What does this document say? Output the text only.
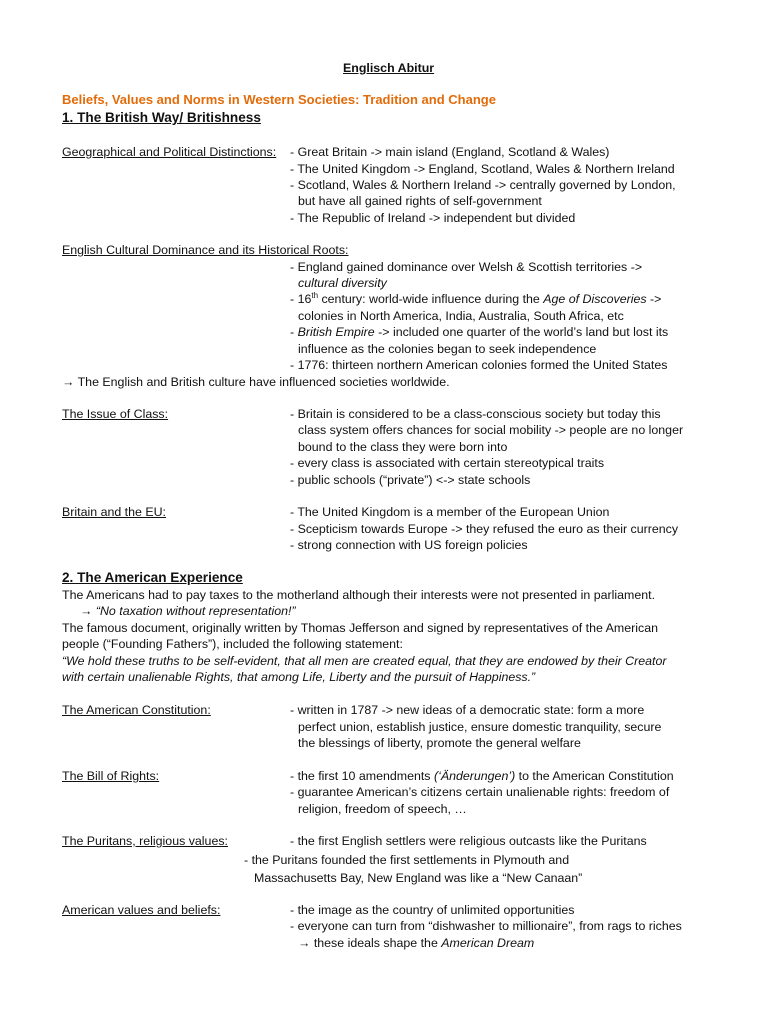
Englisch Abitur
Beliefs, Values and Norms in Western Societies: Tradition and Change
1. The British Way/ Britishness
Geographical and Political Distinctions: - Great Britain -> main island (England, Scotland & Wales)
- The United Kingdom -> England, Scotland, Wales & Northern Ireland
- Scotland, Wales & Northern Ireland -> centrally governed by London,
but have all gained rights of self-government
- The Republic of Ireland -> independent but divided
English Cultural Dominance and its Historical Roots:
- England gained dominance over Welsh & Scottish territories ->
cultural diversity
- 16th century: world-wide influence during the Age of Discoveries ->
colonies in North America, India, Australia, South Africa, etc
- British Empire -> included one quarter of the world’s land but lost its
influence as the colonies began to seek independence
- 1776: thirteen northern American colonies formed the United States
→ The English and British culture have influenced societies worldwide.
The Issue of Class:	- Britain is considered to be a class-conscious society but today this
class system offers chances for social mobility -> people are no longer
bound to the class they were born into
- every class is associated with certain stereotypical traits
- public schools (“private”) <-> state schools
Britain and the EU:	- The United Kingdom is a member of the European Union
- Scepticism towards Europe -> they refused the euro as their currency
- strong connection with US foreign policies
2. The American Experience
The Americans had to pay taxes to the motherland although their interests were not presented in parliament.
→ “No taxation without representation!”
The famous document, originally written by Thomas Jefferson and signed by representatives of the American
people (“Founding Fathers”), included the following statement:
“We hold these truths to be self-evident, that all men are created equal, that they are endowed by their Creator
with certain unalienable Rights, that among Life, Liberty and the pursuit of Happiness.”
The American Constitution:	- written in 1787 -> new ideas of a democratic state: form a more
perfect union, establish justice, ensure domestic tranquility, secure
the blessings of liberty, promote the general welfare
The Bill of Rights:	- the first 10 amendments (‘Änderungen’) to the American Constitution
- guarantee American’s citizens certain unalienable rights: freedom of
religion, freedom of speech, …
The Puritans, religious values:	- the first English settlers were religious outcasts like the Puritans
- the Puritans founded the first settlements in Plymouth and
Massachusetts Bay, New England was like a “New Canaan”
American values and beliefs:	- the image as the country of unlimited opportunities
- everyone can turn from “dishwasher to millionaire”, from rags to riches
→ these ideals shape the American Dream
